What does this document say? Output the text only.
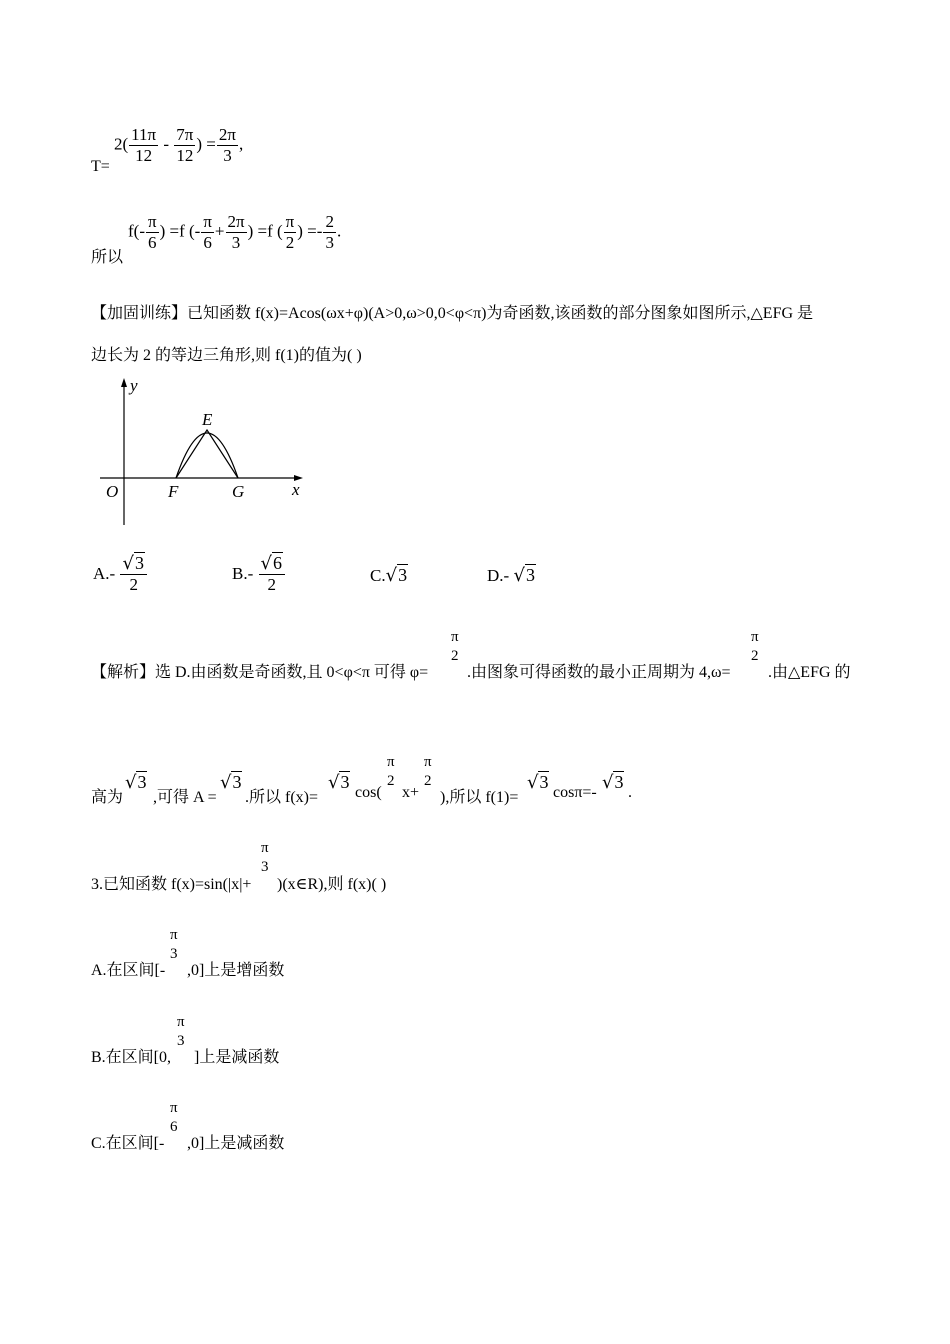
T=
$2( \frac{11\pi}{12} - \frac{7\pi}{12}$ ) = $\frac{2\pi}{3}$ ,
所以
$f(- \frac{\pi}{6}$ ) =f (- $\frac{\pi}{6} + \frac{2\pi}{3}$ ) =f ( $\frac{\pi}{2}$ ) =- $\frac{2}{3}$ .
【加固训练】已知函数 f(x)=Acos(ωx+φ)(A>0,ω>0,0<φ<π)为奇函数,该函数的部分图象如图所示,△EFG 是
边长为 2 的等边三角形,则 f(1)的值为( )
y
x
O
E
F	G
$A.- \frac{√3}{2}$	$B.- \frac{√6}{2}$	C.√3	D.- √3
【解析】选 D.由函数是奇函数,且 0<φ<π 可得 φ=
π
2
.由图象可得函数的最小正周期为 4,ω=
π
2
.由△EFG 的
高为
√3
,可得 A =
√3
.所以 f(x)=
√3
cos(
π
2
x+
π
2
),所以 f(1)=
√3
cosπ=- √3
.
3.已知函数 f(x)=sin(|x|+
π
3
)(x∈R),则 f(x)( )
A.在区间[-
π
3
,0]上是增函数
B.在区间[0,
π
3
]上是减函数
C.在区间[-
π
6
,0]上是减函数
